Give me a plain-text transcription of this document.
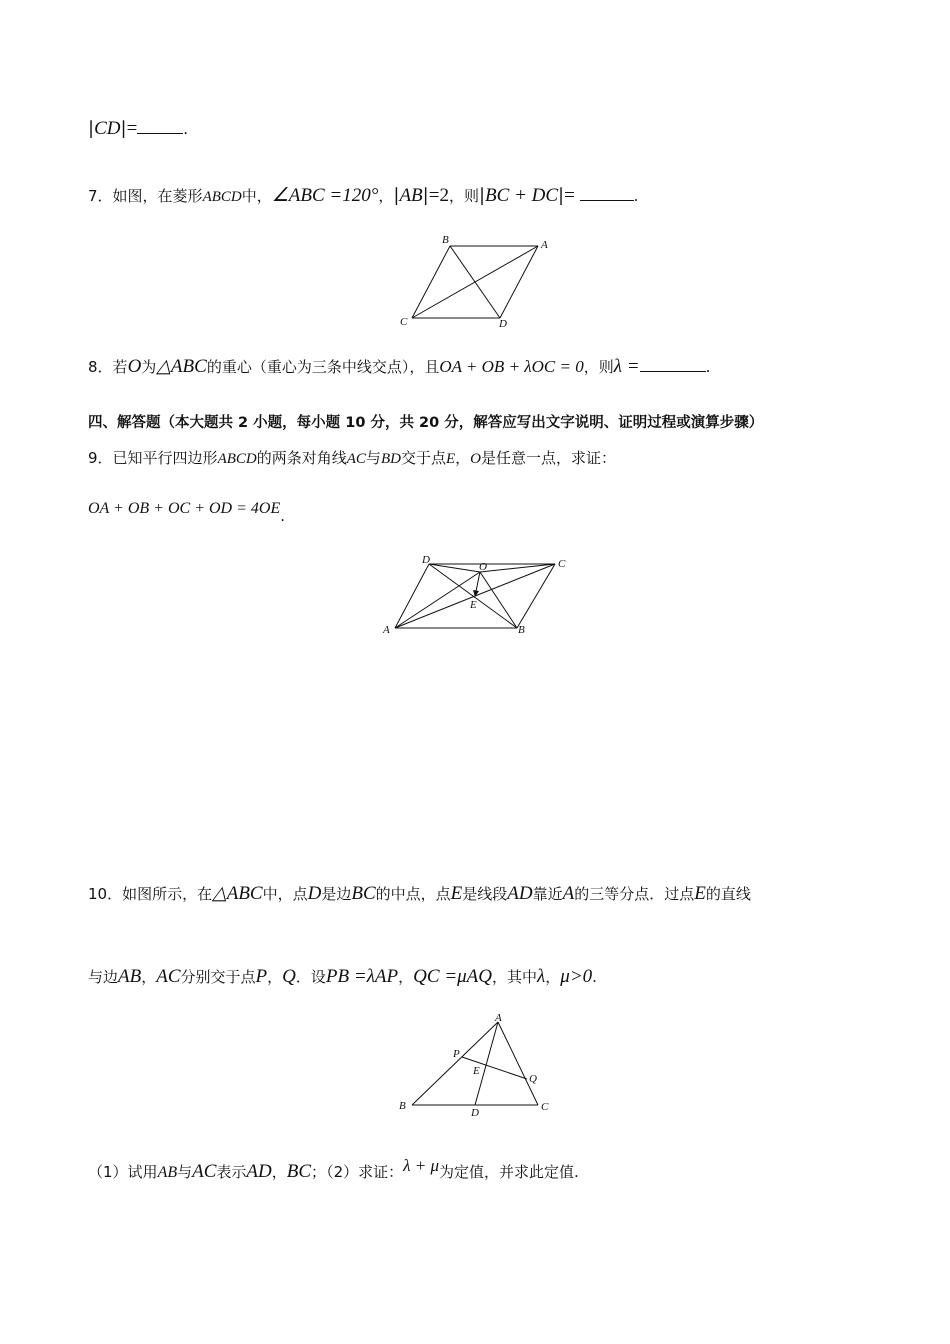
|CD|=	.
7．如图，在菱形ABCD中，∠ABC =120°，|AB|=2，则|BC + DC|=	.
B	A
C	D
8．若O为△ABC的重心（重心为三条中线交点），且OA + OB + λOC = 0，则λ =	.
四、解答题（本大题共 2 小题，每小题 10 分，共 20 分，解答应写出文字说明、证明过程或演算步骤）
9．已知平行四边形ABCD的两条对角线AC与BD交于点E，O是任意一点，求证：
OA + OB + OC + OD = 4OE.
D
O	C
E
A	B
10．如图所示，在△ABC中，点D是边BC的中点，点E是线段AD靠近A的三等分点．过点E的直线
与边AB，AC分别交于点P，Q．设PB =λAP，QC =μAQ，其中λ，μ>0.
A
P
E
Q
B
D	C
（1）试用AB与AC表示AD，BC；（2）求证：λ + μ为定值，并求此定值.
